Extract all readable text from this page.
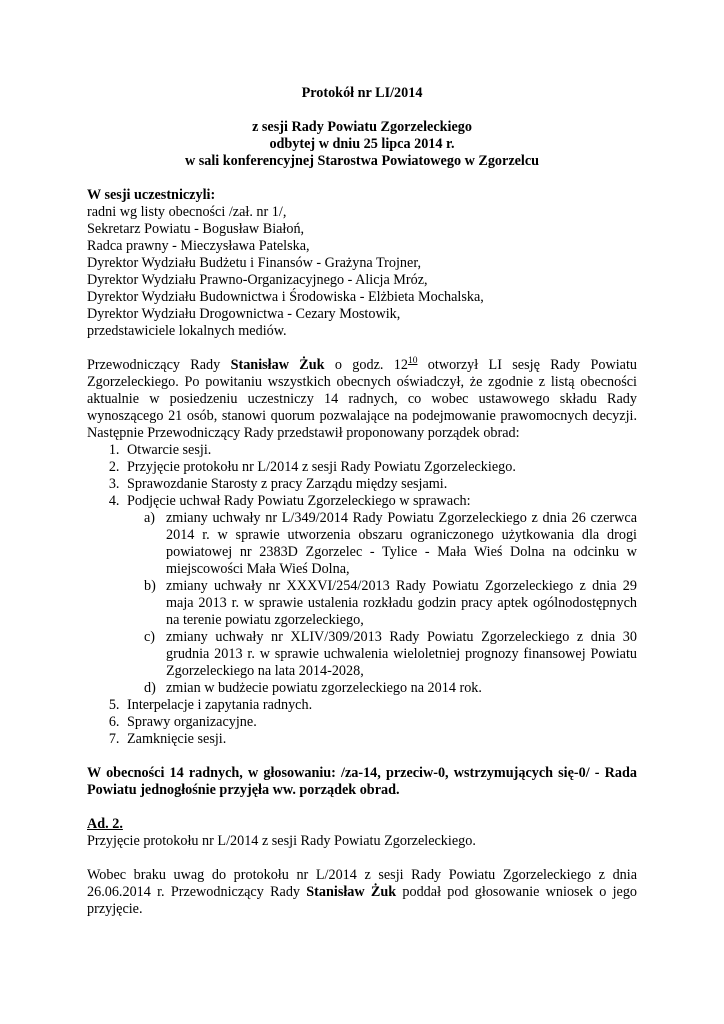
Protokół nr LI/2014

z sesji Rady Powiatu Zgorzeleckiego

odbytej w dniu 25 lipca 2014 r.

w sali konferencyjnej Starostwa Powiatowego w Zgorzelcu

W sesji uczestniczyli:
radni wg listy obecności /zał. nr 1/,
Sekretarz Powiatu - Bogusław Białoń,
Radca prawny - Mieczysława Patelska,
Dyrektor Wydziału Budżetu i Finansów - Grażyna Trojner,
Dyrektor Wydziału Prawno-Organizacyjnego - Alicja Mróz,
Dyrektor Wydziału Budownictwa i Środowiska - Elżbieta Mochalska,
Dyrektor Wydziału Drogownictwa - Cezary Mostowik,
przedstawiciele lokalnych mediów.

Przewodniczący Rady Stanisław Żuk o godz. $12^{10}$ otworzył LI sesję Rady Powiatu Zgorzeleckiego. Po powitaniu wszystkich obecnych oświadczył, że zgodnie z listą obecności aktualnie w posiedzeniu uczestniczy 14 radnych, co wobec ustawowego składu Rady wynoszącego 21 osób, stanowi quorum pozwalające na podejmowanie prawomocnych decyzji. Następnie Przewodniczący Rady przedstawił proponowany porządek obrad:

1. Otwarcie sesji.
2. Przyjęcie protokołu nr L/2014 z sesji Rady Powiatu Zgorzeleckiego.
3. Sprawozdanie Starosty z pracy Zarządu między sesjami.
4. Podjęcie uchwał Rady Powiatu Zgorzeleckiego w sprawach:
a) zmiany uchwały nr L/349/2014 Rady Powiatu Zgorzeleckiego z dnia 26 czerwca 2014 r. w sprawie utworzenia obszaru ograniczonego użytkowania dla drogi powiatowej nr 2383D Zgorzelec - Tylice - Mała Wieś Dolna na odcinku w miejscowości Mała Wieś Dolna,
b) zmiany uchwały nr XXXVI/254/2013 Rady Powiatu Zgorzeleckiego z dnia 29 maja 2013 r. w sprawie ustalenia rozkładu godzin pracy aptek ogólnodostępnych na terenie powiatu zgorzeleckiego,
c) zmiany uchwały nr XLIV/309/2013 Rady Powiatu Zgorzeleckiego z dnia 30 grudnia 2013 r. w sprawie uchwalenia wieloletniej prognozy finansowej Powiatu Zgorzeleckiego na lata 2014-2028,
d) zmian w budżecie powiatu zgorzeleckiego na 2014 rok.
5. Interpelacje i zapytania radnych.
6. Sprawy organizacyjne.
7. Zamknięcie sesji.

W obecności 14 radnych, w głosowaniu: /za-14, przeciw-0, wstrzymujących się-0/ - Rada Powiatu jednogłośnie przyjęła ww. porządek obrad.

Ad. 2.

Przyjęcie protokołu nr L/2014 z sesji Rady Powiatu Zgorzeleckiego.

Wobec braku uwag do protokołu nr L/2014 z sesji Rady Powiatu Zgorzeleckiego z dnia 26.06.2014 r. Przewodniczący Rady Stanisław Żuk poddał pod głosowanie wniosek o jego przyjęcie.
